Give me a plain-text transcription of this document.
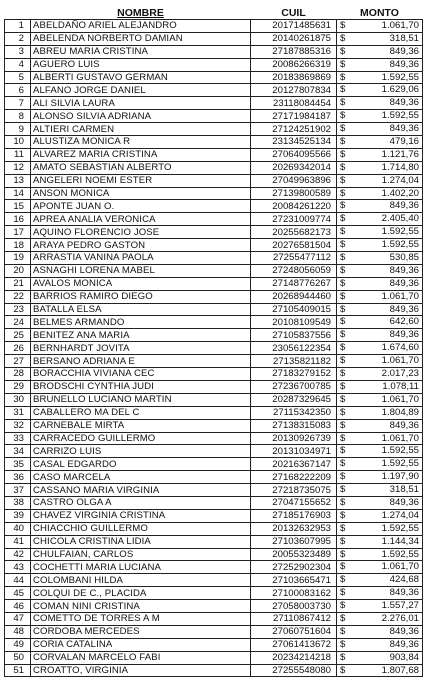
	NOMBRE	CUIL	MONTO
1	ABELDAÑO ARIEL ALEJANDRO	20171485631	$ 1.061,70

2	ABELENDA NORBERTO DAMIAN	20140261875	$ 318,51

3	ABREU MARIA CRISTINA	27187885316	$ 849,36

4	AGUERO LUIS	20086266319	$ 849,36

5	ALBERTI GUSTAVO GERMAN	20183869869	$ 1.592,55

6	ALFANO JORGE DANIEL	20127807834	$ 1.629,06

7	ALI SILVIA LAURA	23118084454	$ 849,36

8	ALONSO SILVIA ADRIANA	27171984187	$ 1.592,55

9	ALTIERI CARMEN	27124251902	$ 849,36

10	ALUSTIZA MONICA R	23134525134	$ 479,16

11	ALVAREZ MARIA CRISTINA	27064095566	$ 1.121,76

12	AMATO SEBASTIAN ALBERTO	20269342014	$ 1.714,80

13	ANGELERI NOEMI ESTER	27049963896	$ 1.274,04

14	ANSON MONICA	27139800589	$ 1.402,20

15	APONTE JUAN O.	20084261220	$ 849,36

16	APREA ANALIA VERONICA	27231009774	$ 2.405,40

17	AQUINO FLORENCIO JOSE	20255682173	$ 1.592,55

18	ARAYA PEDRO GASTON	20276581504	$ 1.592,55

19	ARRASTIA VANINA PAOLA	27255477112	$ 530,85

20	ASNAGHI LORENA MABEL	27248056059	$ 849,36

21	AVALOS MONICA	27148776267	$ 849,36

22	BARRIOS RAMIRO DIEGO	20268944460	$ 1.061,70

23	BATALLA ELSA	27105409015	$ 849,36

24	BELMES ARMANDO	20108109549	$ 642,60

25	BENITEZ ANA MARIA	27105837556	$ 849,36

26	BERNHARDT JOVITA	23056122354	$ 1.674,60

27	BERSANO ADRIANA E	27135821182	$ 1.061,70

28	BORACCHIA VIVIANA CEC	27183279152	$ 2.017,23

29	BRODSCHI CYNTHIA JUDI	27236700785	$ 1.078,11

30	BRUNELLO LUCIANO MARTIN	20287329645	$ 1.061,70

31	CABALLERO MA DEL C	27115342350	$ 1.804,89

32	CARNEBALE MIRTA	27138315083	$ 849,36

33	CARRACEDO GUILLERMO	20130926739	$ 1.061,70

34	CARRIZO LUIS	20131034971	$ 1.592,55

35	CASAL EDGARDO	20216367147	$ 1.592,55

36	CASO MARCELA	27168222209	$ 1.197,90

37	CASSANO MARIA VIRGINIA	27218735075	$ 318,51

38	CASTRO OLGA A	27047155652	$ 849,36

39	CHAVEZ VIRGINIA CRISTINA	27185176903	$ 1.274,04

40	CHIACCHIO GUILLERMO	20132632953	$ 1.592,55

41	CHICOLA CRISTINA LIDIA	27103607995	$ 1.144,34

42	CHULFAIAN, CARLOS	20055323489	$ 1.592,55

43	COCHETTI MARIA LUCIANA	27252902304	$ 1.061,70

44	COLOMBANI HILDA	27103665471	$ 424,68

45	COLQUI DE C., PLACIDA	27100083162	$ 849,36

46	COMAN NINI CRISTINA	27058003730	$ 1.557,27

47	COMETTO DE TORRES A M	27110867412	$ 2.276,01

48	CORDOBA MERCEDES	27060751604	$ 849,36

49	CORIA CATALINA	27061413672	$ 849,36

50	CORVALAN MARCELO FABI	20234214218	$ 903,84

51	CROATTO, VIRGINIA	27255548080	$ 1.807,68
